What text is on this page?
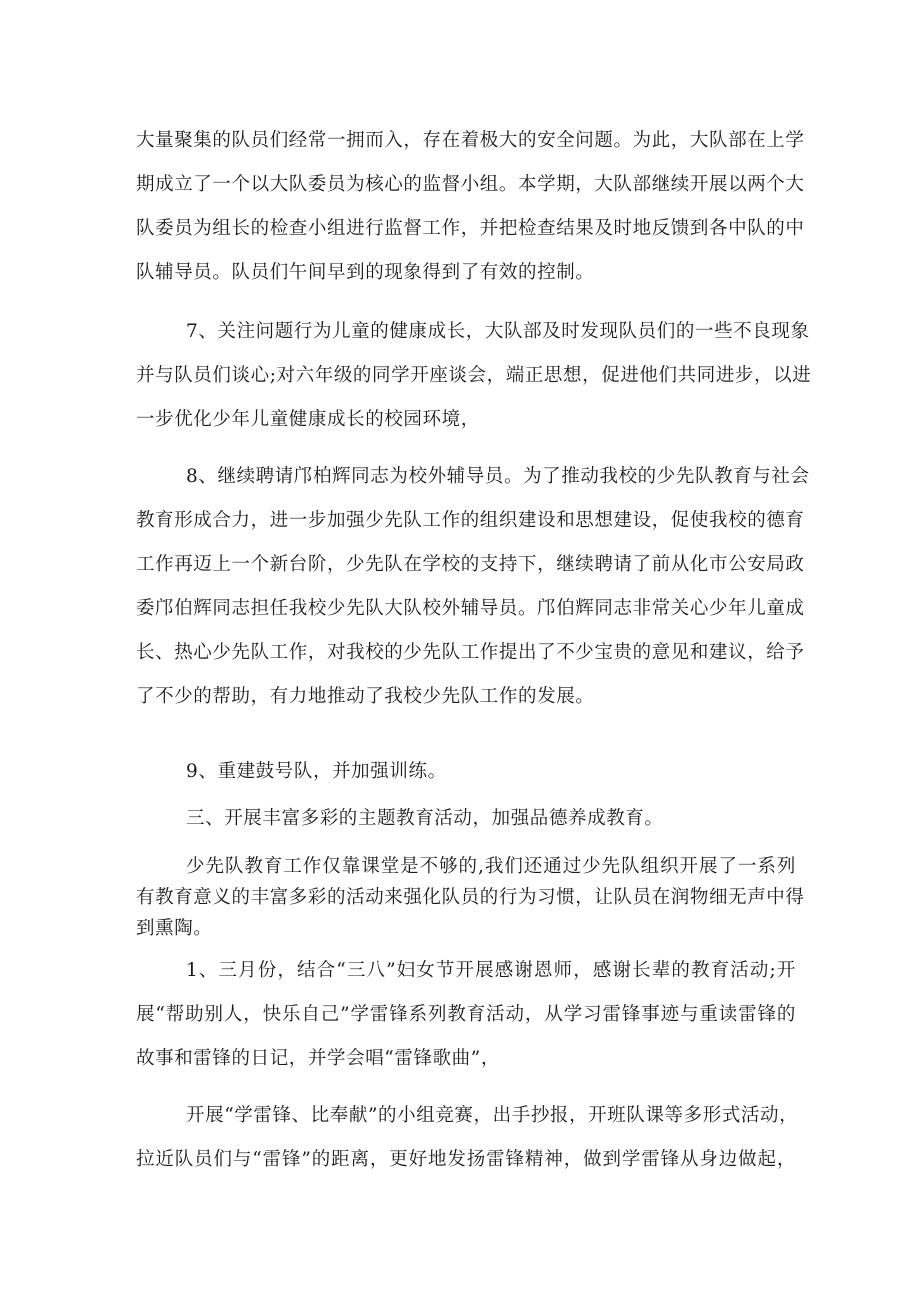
大量聚集的队员们经常一拥而入，存在着极大的安全问题。为此，大队部在上学
期成立了一个以大队委员为核心的监督小组。本学期，大队部继续开展以两个大
队委员为组长的检查小组进行监督工作，并把检查结果及时地反馈到各中队的中
队辅导员。队员们午间早到的现象得到了有效的控制。

7、关注问题行为儿童的健康成长，大队部及时发现队员们的一些不良现象
并与队员们谈心;对六年级的同学开座谈会，端正思想，促进他们共同进步，以进
一步优化少年儿童健康成长的校园环境，

8、继续聘请邝柏辉同志为校外辅导员。为了推动我校的少先队教育与社会
教育形成合力，进一步加强少先队工作的组织建设和思想建设，促使我校的德育
工作再迈上一个新台阶，少先队在学校的支持下，继续聘请了前从化市公安局政
委邝伯辉同志担任我校少先队大队校外辅导员。邝伯辉同志非常关心少年儿童成
长、热心少先队工作，对我校的少先队工作提出了不少宝贵的意见和建议，给予
了不少的帮助，有力地推动了我校少先队工作的发展。

9、重建鼓号队，并加强训练。

三、开展丰富多彩的主题教育活动，加强品德养成教育。

少先队教育工作仅靠课堂是不够的,我们还通过少先队组织开展了一系列
有教育意义的丰富多彩的活动来强化队员的行为习惯，让队员在润物细无声中得
到熏陶。

1、三月份，结合“三八”妇女节开展感谢恩师，感谢长辈的教育活动;开
展“帮助别人，快乐自己”学雷锋系列教育活动，从学习雷锋事迹与重读雷锋的
故事和雷锋的日记，并学会唱“雷锋歌曲”，

开展“学雷锋、比奉献”的小组竞赛，出手抄报，开班队课等多形式活动，
拉近队员们与“雷锋”的距离，更好地发扬雷锋精神，做到学雷锋从身边做起，
